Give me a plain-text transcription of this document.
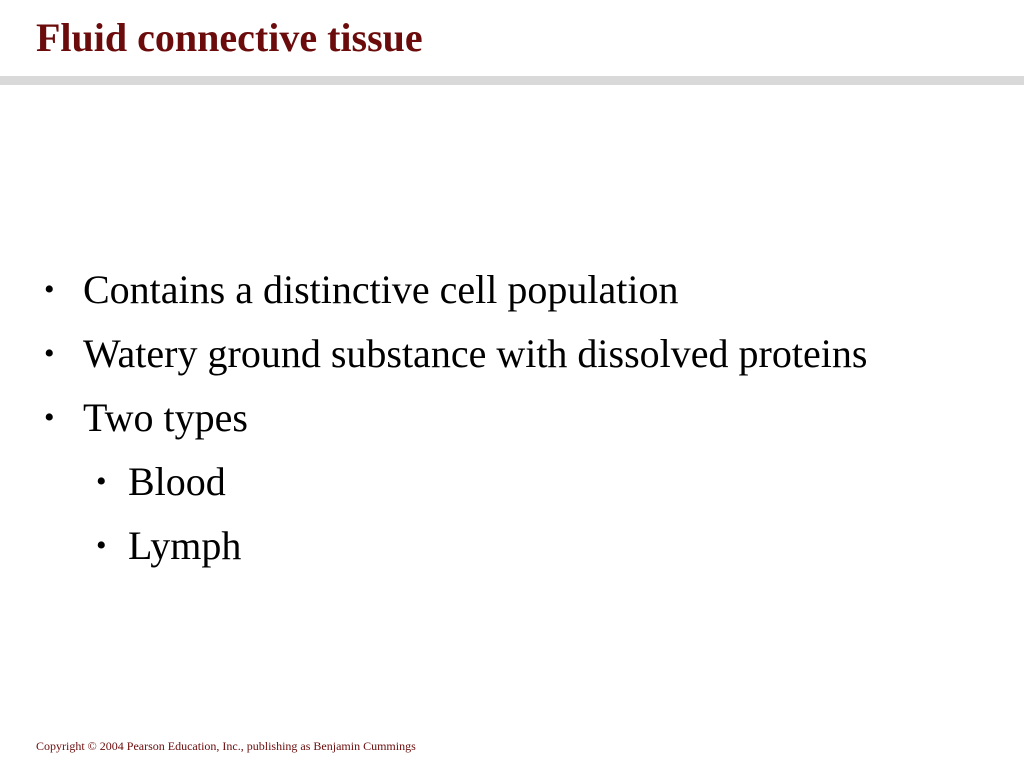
Fluid connective tissue
• Contains a distinctive cell population
• Watery ground substance with dissolved proteins
• Two types
• Blood
• Lymph
Copyright © 2004 Pearson Education, Inc., publishing as Benjamin Cummings
